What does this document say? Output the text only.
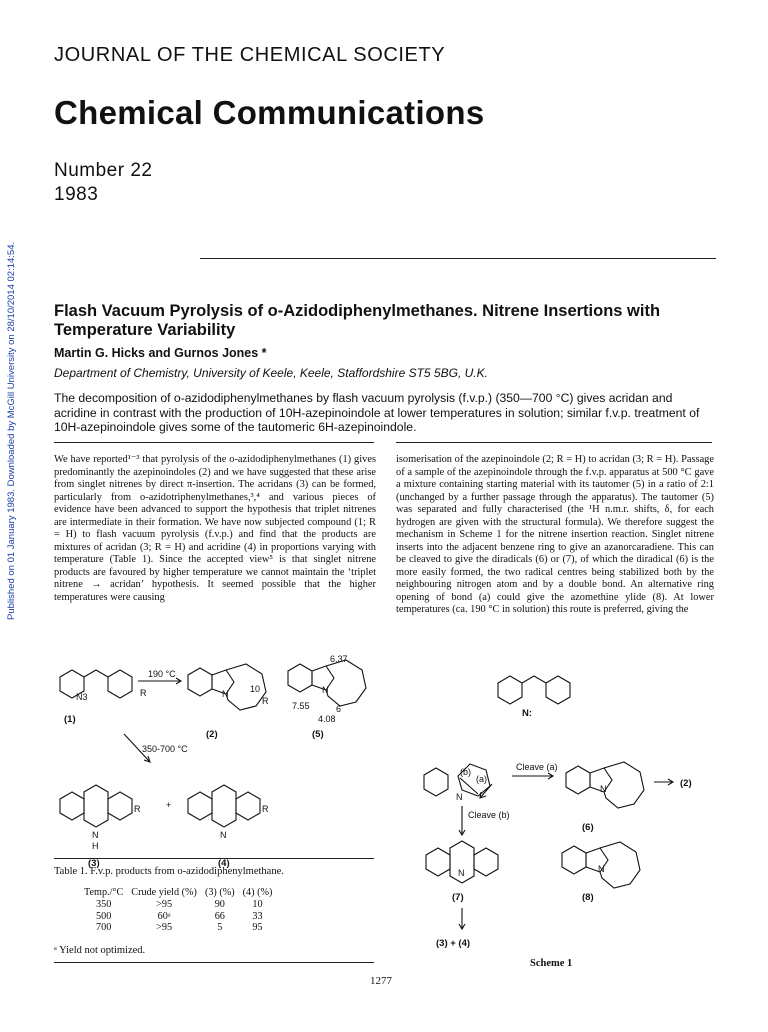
Published on 01 January 1983. Downloaded by McGill University on 28/10/2014 02:14:54.
JOURNAL OF THE CHEMICAL SOCIETY
Chemical Communications
Number 22
1983
Flash Vacuum Pyrolysis of o-Azidodiphenylmethanes. Nitrene Insertions with Temperature Variability
Martin G. Hicks and Gurnos Jones *
Department of Chemistry, University of Keele, Keele, Staffordshire ST5 5BG, U.K.
The decomposition of o-azidodiphenylmethanes by flash vacuum pyrolysis (f.v.p.) (350—700 °C) gives acridan and acridine in contrast with the production of 10H-azepinoindole at lower temperatures in solution; similar f.v.p. treatment of 10H-azepinoindole gives some of the tautomeric 6H-azepinoindole.

We have reported¹⁻³ that pyrolysis of the o-azidodiphenylmethanes (1) gives predominantly the azepinoindoles (2) and we have suggested that these arise from singlet nitrenes by direct π-insertion. The acridans (3) can be formed, particularly from o-azidotriphenylmethanes,³,⁴ and various pieces of evidence have been advanced to support the hypothesis that triplet nitrenes are intermediate in their formation. We have now subjected compound (1; R = H) to flash vacuum pyrolysis (f.v.p.) and find that the products are mixtures of acridan (3; R = H) and acridine (4) in proportions varying with temperature (Table 1). Since the accepted view⁵ is that singlet nitrene products are favoured by higher temperature we cannot maintain the ‘triplet nitrene → acridan’ hypothesis. It seemed possible that the higher temperatures were causing

isomerisation of the azepinoindole (2; R = H) to acridan (3; R = H). Passage of a sample of the azepinoindole through the f.v.p. apparatus at 500 °C gave a mixture containing starting material with its tautomer (5) in a ratio of 2:1 (unchanged by a further passage through the apparatus). The tautomer (5) was separated and fully characterised (the ¹H n.m.r. shifts, δ, for each hydrogen are given with the structural formula). We therefore suggest the mechanism in Scheme 1 for the nitrene insertion reaction. Singlet nitrene inserts into the adjacent benzene ring to give an azanorcaradiene. This can be cleaved to give the diradicals (6) or (7), of which the diradical (6) is the more easily formed, the two radical centres being stabilized both by the neighbouring nitrogen atom and by a double bond. An alternative ring opening of bond (a) could give the azomethine ylide (8). At lower temperatures (ca. 190 °C in solution) this route is preferred, giving the

190 °C
N3	R
(1)
N 10
R
(2)
6.37
N
7.55	6
4.08
(5)
350-700 °C
N
H
R
(3)
+
N
R
(4)
N:
(b)
(a)
N
Cleave (a)
N	(2)
(6)
Cleave (b)
N
(7)
N
(8)
(3) + (4)
Table 1. F.v.p. products from o-azidodiphenylmethane.
Temp./°C	Crude yield (%)	(3) (%)	(4) (%)
350	>95	90	10
500	60ᵃ	66	33
700	>95	5	95
ᵃ Yield not optimized.
Scheme 1
1277
